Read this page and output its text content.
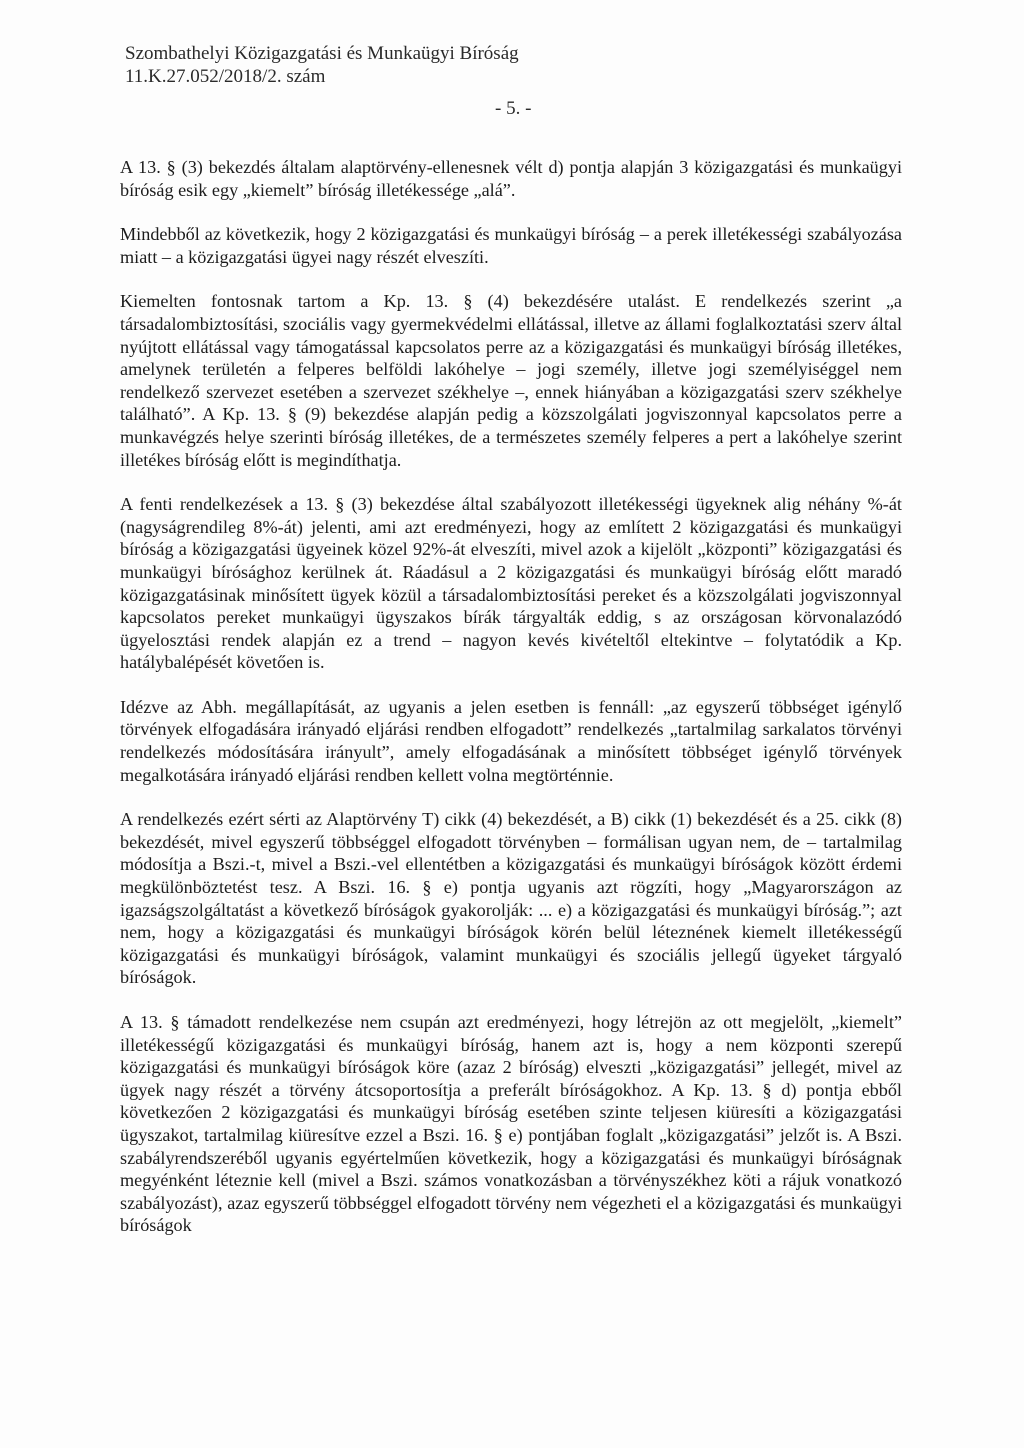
Szombathelyi Közigazgatási és Munkaügyi Bíróság
11.K.27.052/2018/2. szám
- 5. -

A 13. § (3) bekezdés általam alaptörvény-ellenesnek vélt d) pontja alapján 3 közigazgatási és munkaügyi bíróság esik egy „kiemelt” bíróság illetékessége „alá”.

Mindebből az következik, hogy 2 közigazgatási és munkaügyi bíróság – a perek illetékességi szabályozása miatt – a közigazgatási ügyei nagy részét elveszíti.

Kiemelten fontosnak tartom a Kp. 13. § (4) bekezdésére utalást. E rendelkezés szerint „a társadalombiztosítási, szociális vagy gyermekvédelmi ellátással, illetve az állami foglalkoztatási szerv által nyújtott ellátással vagy támogatással kapcsolatos perre az a közigazgatási és munkaügyi bíróság illetékes, amelynek területén a felperes belföldi lakóhelye – jogi személy, illetve jogi személyiséggel nem rendelkező szervezet esetében a szervezet székhelye –, ennek hiányában a közigazgatási szerv székhelye található”. A Kp. 13. § (9) bekezdése alapján pedig a közszolgálati jogviszonnyal kapcsolatos perre a munkavégzés helye szerinti bíróság illetékes, de a természetes személy felperes a pert a lakóhelye szerint illetékes bíróság előtt is megindíthatja.

A fenti rendelkezések a 13. § (3) bekezdése által szabályozott illetékességi ügyeknek alig néhány %-át (nagyságrendileg 8%-át) jelenti, ami azt eredményezi, hogy az említett 2 közigazgatási és munkaügyi bíróság a közigazgatási ügyeinek közel 92%-át elveszíti, mivel azok a kijelölt „központi” közigazgatási és munkaügyi bírósághoz kerülnek át. Ráadásul a 2 közigazgatási és munkaügyi bíróság előtt maradó közigazgatásinak minősített ügyek közül a társadalombiztosítási pereket és a közszolgálati jogviszonnyal kapcsolatos pereket munkaügyi ügyszakos bírák tárgyalták eddig, s az országosan körvonalazódó ügyelosztási rendek alapján ez a trend – nagyon kevés kivételtől eltekintve – folytatódik a Kp. hatálybalépését követően is.

Idézve az Abh. megállapítását, az ugyanis a jelen esetben is fennáll: „az egyszerű többséget igénylő törvények elfogadására irányadó eljárási rendben elfogadott” rendelkezés „tartalmilag sarkalatos törvényi rendelkezés módosítására irányult”, amely elfogadásának a minősített többséget igénylő törvények megalkotására irányadó eljárási rendben kellett volna megtörténnie.

A rendelkezés ezért sérti az Alaptörvény T) cikk (4) bekezdését, a B) cikk (1) bekezdését és a 25. cikk (8) bekezdését, mivel egyszerű többséggel elfogadott törvényben – formálisan ugyan nem, de – tartalmilag módosítja a Bszi.-t, mivel a Bszi.-vel ellentétben a közigazgatási és munkaügyi bíróságok között érdemi megkülönböztetést tesz. A Bszi. 16. § e) pontja ugyanis azt rögzíti, hogy „Magyarországon az igazságszolgáltatást a következő bíróságok gyakorolják: ... e) a közigazgatási és munkaügyi bíróság.”; azt nem, hogy a közigazgatási és munkaügyi bíróságok körén belül léteznének kiemelt illetékességű közigazgatási és munkaügyi bíróságok, valamint munkaügyi és szociális jellegű ügyeket tárgyaló bíróságok.

A 13. § támadott rendelkezése nem csupán azt eredményezi, hogy létrejön az ott megjelölt, „kiemelt” illetékességű közigazgatási és munkaügyi bíróság, hanem azt is, hogy a nem központi szerepű közigazgatási és munkaügyi bíróságok köre (azaz 2 bíróság) elveszti „közigazgatási” jellegét, mivel az ügyek nagy részét a törvény átcsoportosítja a preferált bíróságokhoz. A Kp. 13. § d) pontja ebből következően 2 közigazgatási és munkaügyi bíróság esetében szinte teljesen kiüresíti a közigazgatási ügyszakot, tartalmilag kiüresítve ezzel a Bszi. 16. § e) pontjában foglalt „közigazgatási” jelzőt is. A Bszi. szabályrendszeréből ugyanis egyértelműen következik, hogy a közigazgatási és munkaügyi bíróságnak megyénként léteznie kell (mivel a Bszi. számos vonatkozásban a törvényszékhez köti a rájuk vonatkozó szabályozást), azaz egyszerű többséggel elfogadott törvény nem végezheti el a közigazgatási és munkaügyi bíróságok
